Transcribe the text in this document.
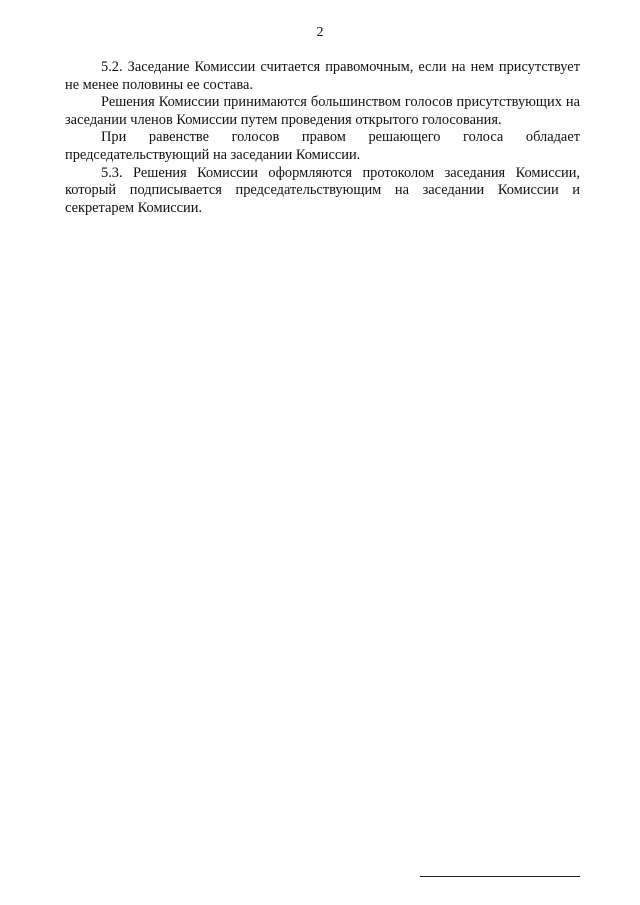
2

5.2. Заседание Комиссии считается правомочным, если на нем присутствует не менее половины ее состава.

Решения Комиссии принимаются большинством голосов присутствующих на заседании членов Комиссии путем проведения открытого голосования.

При равенстве голосов правом решающего голоса обладает председательствующий на заседании Комиссии.

5.3. Решения Комиссии оформляются протоколом заседания Комиссии, который подписывается председательствующим на заседании Комиссии и секретарем Комиссии.
